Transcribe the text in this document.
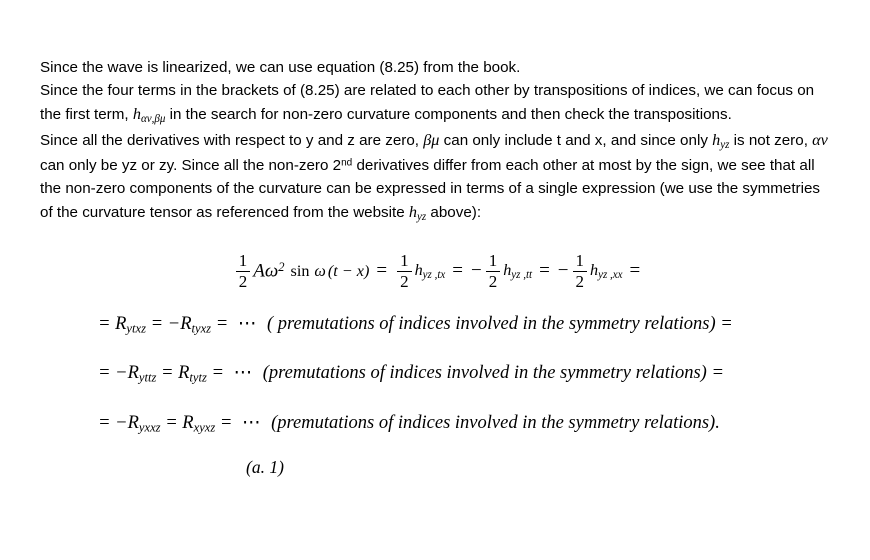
Since the wave is linearized, we can use equation (8.25) from the book.

Since the four terms in the brackets of (8.25) are related to each other by transpositions of indices, we can focus on the first term, $h_{\alpha\nu,\beta\mu}$ in the search for non-zero curvature components and then check the transpositions.

Since all the derivatives with respect to y and z are zero, βμ can only include t and x, and since only $h_{yz}$ is not zero, αν can only be yz or zy. Since all the non-zero 2nd derivatives differ from each other at most by the sign, we see that all the non-zero components of the curvature can be expressed in terms of a single expression (we use the symmetries of the curvature tensor as referenced from the website $h_{yz}$ above):

$\frac{1}{2} A\omega^2$ sin ω $(t - x) = \frac{1}{2} h_{yz ,tx}$ = − $\frac{1}{2} h_{yz ,tt}$ = − $\frac{1}{2} h_{yz ,xx}$ =

= $R_{ytxz} = -R_{tyxz}$ = ⋯ ( premutations of indices involved in the symmetry relations) =

= $-R_{yttz} = R_{tytz}$ = ⋯ (premutations of indices involved in the symmetry relations) =

= $-R_{yxxz} = R_{xyxz}$ = ⋯ (premutations of indices involved in the symmetry relations).

(a. 1)
